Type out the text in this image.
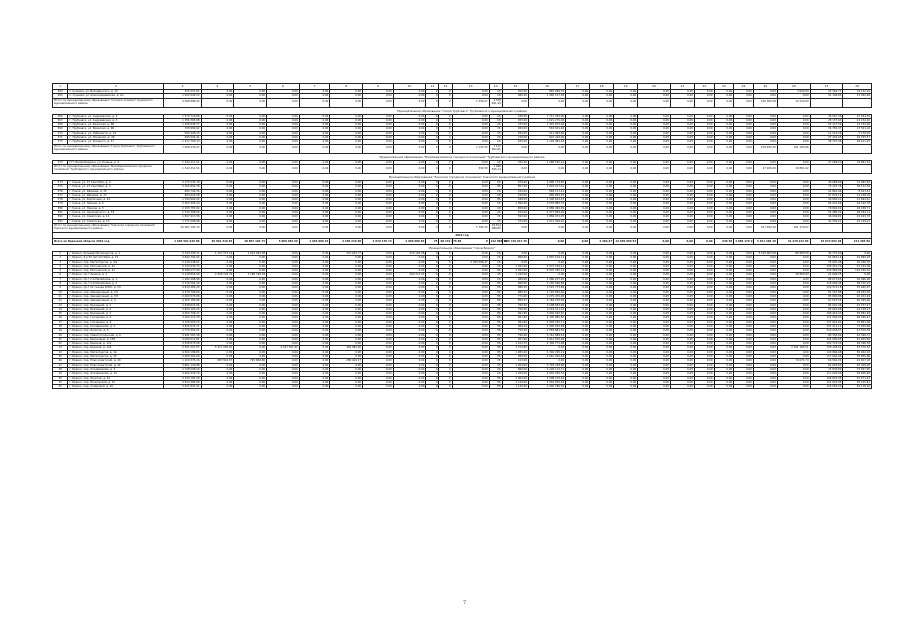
1	2	3	4	5	6	7	8	9	10	11	12	13	14	15	16	17	18	19	20	21	22	23	24	25	26	27	28
364	г. Суземка, ул. Володарского, д. 15	325 257,61	0,00	0,00	0,00	0,00	0,00	0,00	0,00	0	0	0,00	СК	252,00	881 066,76	0,00	0,00	0,00	0,00	0,00	0,00	0,00	0,00	0,00	3 000,00	20 362,71	19 142,01
365	п. Суземка, ул. Красноармейская, д. 2А	1 022 690,53	0,00	0,00	0,00	0,00	0,00	0,00	0,00	0	0	0,00	СК	466,50	1 485 127,36	0,00	0,00	0,00	0,00	0,00	0,00	0,00	0,00	0,00	0,00	41 106,85	23 904,28
Итого по муниципальному образованию "поселок Суземка" Суземского муниципального района		4 468 888,22	0,00	0,00	0,00	0,00	0,00	0,00	0,00	0	0	1 358,27	4 318 461,49	0,00	0,00	0,00	0,00	0,00	0,00	0,00	0,00	0,00	0,00	146 380,28	19 132,00		
Муниципальное образование "Город Трубчевск" Трубчевского муниципального района																											
366	г. Трубчевск, ул. Андреевская, д. 3	1 570 710,96	0,00	0,00	0,00	0,00	0,00	0,00	0,00	0	0	0,00	СК	430,00	1 711 345,00	0,00	0,00	0,00	0,00	0,00	0,00	0,00	0,00	0,00	0,00	36 567,36	21 924,50
367	г. Трубчевск, ул. Андреевская, д. 6	1 786 365,08	0,00	0,00	0,00	0,00	0,00	0,00	0,00	0	0	0,00	СК	455,00	1 021 270,00	0,00	0,00	0,00	0,00	0,00	0,00	0,00	0,00	0,00	0,00	28 137,63	21 152,40
368	г. Трубчевск, ул. Брянская, д. 6Б	1 346 645,77	0,00	0,00	0,00	0,00	0,00	0,00	0,00	0	0	0,00	СК	375,00	1 391 675,00	0,00	0,00	0,00	0,00	0,00	0,00	0,00	0,00	0,00	0,00	23 117,50	11 754,00
369	г. Трубчевск, ул. Брянская, д. 96	728 982,62	0,00	0,00	0,00	0,00	0,00	0,00	0,00	0	0	0,00	СК	264,50	563 041,46	0,00	0,00	0,00	0,00	0,00	0,00	0,00	0,00	0,00	0,00	34 782,37	17 591,10
370	г. Трубчевск, ул. Либкнехта, д. 14	595 406,13	0,00	0,00	0,00	0,00	0,00	0,00	0,00	0	0	0,00	СК	254,55	511 993,60	0,00	0,00	0,00	0,00	0,00	0,00	0,00	0,00	0,00	0,00	11 214,26	7 176,50
371	г. Трубчевск, ул. Покорная, д. 36	995 604,41	0,00	0,00	0,00	0,00	0,00	0,00	0,00	0	0	0,00	СК	276,00	622 416,00	0,00	0,00	0,00	0,00	0,00	0,00	0,00	0,00	0,00	0,00	27 402,05	16 035,57
372	г. Трубчевск, ул. Урицкого, д. 27	1 217 700,13	0,00	0,00	0,00	0,00	0,00	0,00	0,00	0	0	0,00	СК	632,00	1 102 481,03	0,00	0,00	0,00	0,00	0,00	0,00	0,00	0,00	0,00	0,00	38 757,46	26 611,15
Итого по муниципальному образованию "Город Трубчевск" Трубчевского муниципального района		7 366 676,47	0,00	0,00	0,00	0,00	0,00	0,00	0,00	0	0	2 747,45	7 111 007,81	0,00	0,00	0,00	0,00	0,00	0,00	0,00	0,00	0,00	0,00	519 932,30	101 184,96		
Муниципальное образование "Белоберезковское городское поселение" Трубчевского муниципального района																											
373	пгт. Белая Березка, ул. Ленина, д. 9	1 342 411,51	0,00	0,00	0,00	0,00	0,00	0,00	0,00	0	0	0,00	СК	332,50	1 288 595,14	0,00	0,00	0,00	0,00	0,00	0,00	0,00	0,00	0,00	0,00	27 266,20	16 861,42
Итого по муниципальному образованию "Белоберезковское городское поселение" Трубчевского муниципального района		1 342 411,51	0,00	0,00	0,00	0,00	0,00	0,00	0,00	0	0	332,50	1 288 595,14	0,00	0,00	0,00	0,00	0,00	0,00	0,00	0,00	0,00	0,00	27 266,20	16 861,42		
Муниципальное образование "Унечское городское поселение" Унечского муниципального района																											
374	г. Унеча, ул. 23 Сентября, д. 2	3 175 231,79	0,00	0,00	0,00	0,00	0,00	0,00	0,00	0	0	0,00	СК	879,00	2 996 713,65	0,00	0,00	0,00	0,00	0,00	0,00	0,00	0,00	0,00	0,00	46 688,86	31 993,62
375	г. Унеча, ул. 23 Сентября, д. 3	3 166 852,78	0,00	0,00	0,00	0,00	0,00	0,00	0,00	0	0	0,00	ПК	857,50	2 918 317,01	0,00	0,00	0,00	0,00	0,00	0,00	0,00	0,00	0,00	0,00	73 107,76	36 572,56
376	г. Унеча, ул. Иванова, д. 25	695 742,34	0,00	0,00	0,00	0,00	0,00	0,00	0,00	0	0	0,00	СК	234,00	683 117,41	0,00	0,00	0,00	0,00	0,00	0,00	0,00	0,00	0,00	0,00	14 861,46	8 543,24
377	г. Унеча, ул. Иванова, д. 27	804 624,28	0,00	0,00	0,00	0,00	0,00	0,00	0,00	0	0	0,00	СК	239,00	666 683,05	0,00	0,00	0,00	0,00	0,00	0,00	0,00	0,00	0,00	0,00	27 679,12	11 108,16
378	г. Унеча, ул. Кирпичная, д. 44	1 794 902,22	0,00	0,00	0,00	0,00	0,00	0,00	0,00	0	0	0,00	ПК	448,55	1 108 612,23	0,00	0,00	0,00	0,00	0,00	0,00	0,00	0,00	0,00	0,00	30 695,21	21 694,61
379	г. Унеча, ул. Ленина, д. 2	2 302 456,10	0,00	0,00	0,00	0,00	0,00	0,00	0,00	0	0	0,00	СК	1 090,00	2 503 880,79	0,00	0,00	0,00	0,00	0,00	0,00	0,00	0,00	0,00	0,00	64 231,90	16 192,76
380	г. Унеча, ул. Ленина, д. 5	2 165 787,02	0,00	0,00	0,00	0,00	0,00	0,00	0,00	0	0	0,00	СК	858,60	2 080 484,65	0,00	0,00	0,00	0,00	0,00	0,00	0,00	0,00	0,00	0,00	70 892,52	26 458,71
381	г. Унеча, ул. Луначарского, д. 52	2 310 368,06	0,00	0,00	0,00	0,00	0,00	0,00	0,00	0	0	0,00	СК	524,00	2 277 699,95	0,00	0,00	0,00	0,00	0,00	0,00	0,00	0,00	0,00	0,00	52 480,22	26 184,11
382	г. Унеча, ул. Советская, д. 12	1 847 417,36	0,00	0,00	0,00	0,00	0,00	0,00	0,00	0	0	0,00	СК	593,00	1 866 072,95	0,00	0,00	0,00	0,00	0,00	0,00	0,00	0,00	0,00	0,00	46 046,82	24 423,33
383	г. Унеча, ул. Советская, д. 13	1 775 268,98	0,00	0,00	0,00	0,00	0,00	0,00	0,00	0	0	0,00	СК	475,00	1 071 306,20	0,00	0,00	0,00	0,00	0,00	0,00	0,00	0,00	0,00	0,00	41 330,21	22 739,21
Итого по муниципальному образованию "Унечское городское поселение" Унечского муниципального района		20 287 105,10	0,00	0,00	0,00	0,00	0,00	0,00	0,00	0	0	5 784,45	19 514 989,85	0,00	0,00	0,00	0,00	0,00	0,00	0,00	0,00	0,00	0,00	517 992,20	261 379,97		
2019 год																											
Итого по Брянской области 2019 год		1 903 591 019 58	36 501 310 65	18 867 194 73	5 060 952 66	1 663 000 31	4 158 219 08	4 079 170 73	2 060 008 83	75	68 132 176 89	X	212 886 11	805 710 017 45	0,00	0,00	4 302,27	12 949 056 54	0,00	0,00	0,00	946 58	4 066 179 14	3 321 366 18	31 278 241 83	15 674 063 38	271 283 80
Муниципальное образование "город Брянск"																											
1	г. Брянск, бульвар Металлургов, д. 1	3 743 228 11	1 237 373 19	1 024 464 08	0,00	0,00	237 204 77	0,00	274 194 08	0	0	0,00	СК	2,00	0,00	0,00	0,00	0,00	0,00	0,00	0,00	0,00	0,00	3 120 067 08	86 888 58	44 770 09	0,00
2	г. Брянск, б-р 50 лет Октября, д. 22	3 842 702,02	0,00	0,00	0,00	0,00	0,00	0,00	0,00	0	0	0,00	СК	898,00	2 897 104,14	0,00	0,00	0,00	0,00	0,00	0,00	0,00	0,00	0,00	0,00	64 963,16	44 869,18
3	г. Брянск, пер. Металлургов, д. 4/2	2 140 248,97	0,00	0,00	0,00	0,00	0,00	0,00	0,00	0	0	2 035 098,47	СК	0,00	0,00	0,00	0,00	0,00	0,00	0,00	0,00	0,00	0,00	0,00	0,00	75 097,48	30 046,70
4	г. Брянск, пер. Московский, д. 4а	5 143 633,75	0,00	0,00	0,00	0,00	0,00	0,00	0,00	0	0	0,00	СК	1 025,00	5 073 166,27	0,00	0,00	0,00	0,00	0,00	0,00	0,00	0,00	0,00	0,00	169 451,79	67 163,38
5	г. Брянск, пер. Московский, д. 41	8 286 577,99	0,00	0,00	0,00	0,00	0,00	0,00	0,00	0	0	0,00	ПК	1 841,00	6 070 765,14	0,00	0,00	0,00	0,00	0,00	0,00	0,00	0,00	0,00	0,00	230 566,69	116 549,32
6	г. Брянск, пр-т Ленина, д. 1	3 148 855,99	2 938 726,70	2 186 748,39	0,00	0,00	0,00	0,00	269 713,97	0	0	0,00	СК	1 320,00	0,00	0,00	0,00	0,00	0,00	0,00	0,00	0,00	0,00	0,00	26 869,93	24 699,25	0,00
7	г. Брянск, пр-т 2-й Михайлова, д. 1	1 182 288,96	0,00	0,00	0,00	0,00	0,00	0,00	0,00	0	0	0,00	СК	489,00	1 280 217,00	0,00	0,00	0,00	0,00	0,00	0,00	0,00	0,00	0,00	0,00	86 673,65	20 486,98
8	г. Брянск, пр-т 2-й Михайлова, д. 3	2 316 564,44	0,00	0,00	0,00	0,00	0,00	0,00	0,00	0	0	0,00	ПК	668,00	2 140 566,88	0,00	0,00	0,00	0,00	0,00	0,00	0,00	0,00	0,00	0,00	118 066,98	58 702,15
9	г. Брянск, пр-т 22 съезда КПСС, д. 59	4 839 484,29	0,00	0,00	0,00	0,00	0,00	0,00	0,00	0	0	0,00	ПК	986,25	3 523 773,60	0,00	0,00	0,00	0,00	0,00	0,00	0,00	0,00	0,00	0,00	110 374,18	55 465,87
10	г. Брянск, пер. Авиационный, д. 3/1	4 379 769,69	0,00	0,00	0,00	0,00	0,00	0,00	0,00	0	0	0,00	ПК	985,31	4 142 840,60	0,00	0,00	0,00	0,00	0,00	0,00	0,00	0,00	0,00	0,00	81 347,88	48 294,30
11	г. Брянск, пер. Авиационный, д. 3/3	2 409 573,08	0,00	0,00	0,00	0,00	0,00	0,00	0,00	0	0	0,00	ПК	771,00	2 279 470,00	0,00	0,00	0,00	0,00	0,00	0,00	0,00	0,00	0,00	0,00	85 890,88	40 201,94
12	г. Брянск, пер. Авиационный, д. 4	4 202 184,96	0,00	0,00	0,00	0,00	0,00	0,00	0,00	0	0	0,00	ПК	856,27	4 164 150,00	0,00	0,00	0,00	0,00	0,00	0,00	0,00	0,00	0,00	0,00	81 047,55	40 399,00
13	г. Брянск, пер. Бежицкий, д. 1	2 648 821,06	0,00	0,00	0,00	0,00	0,00	0,00	0,00	0	0	0,00	ПК	782,50	2 508 583,90	0,00	0,00	0,00	0,00	0,00	0,00	0,00	0,00	0,00	0,00	84 091,36	47 377,27
14	г. Брянск, пер. Бежицкий, д. 2	2 664 163,23	0,00	0,00	0,00	0,00	0,00	0,00	0,00	0	0	0,00	ПК	756,00	2 542 511,32	0,00	0,00	0,00	0,00	0,00	0,00	0,00	0,00	0,00	0,00	93 063,68	44 138,13
15	г. Брянск, пер. Бежицкий, д. 3	4 009 796,27	0,00	0,00	0,00	0,00	0,00	0,00	0,00	0	0	0,00	ПК	991,80	3 992 520,81	0,00	0,00	0,00	0,00	0,00	0,00	0,00	0,00	0,00	0,00	108 410,33	59 882,94
16	г. Брянск, пер. Гончарова, д. 6	4 405 213,39	0,00	0,00	0,00	0,00	0,00	0,00	0,00	0	0	0,00	ПК	991,80	4 190 882,82	0,00	0,00	0,00	0,00	0,00	0,00	0,00	0,00	0,00	0,00	112 000,00	66 060,43
17	г. Брянск, пер. Гончарова, д. 8	4 726 909,23	0,00	0,00	0,00	0,00	0,00	0,00	0,00	0	0	0,00	ПК	991,80	4 594 520,71	0,00	0,00	0,00	0,00	0,00	0,00	0,00	0,00	0,00	0,00	137 919,92	70 961,36
18	г. Брянск, пер. Осоавиахима, д. 4	4 845 674,71	0,00	0,00	0,00	0,00	0,00	0,00	0,00	0	0	0,00	ПК	966,44	4 905 052,98	0,00	0,00	0,00	0,00	0,00	0,00	0,00	0,00	0,00	0,00	107 371,11	72 555,89
19	г. Брянск, пер. Пилотов, д. 5	2 770 354,21	0,00	0,00	0,00	0,00	0,00	0,00	0,00	0	0	0,00	ПК	755,00	2 583 881,50	0,00	0,00	0,00	0,00	0,00	0,00	0,00	0,00	0,00	0,00	119 248,57	41 579,38
20	г. Брянск, пер. Севастопольский, д. 6	3 291 567,26	0,00	0,00	0,00	0,00	0,00	0,00	0,00	0	0	0,00	ПК	790,60	3 161 888,54	0,00	0,00	0,00	0,00	0,00	0,00	0,00	0,00	0,00	0,00	80 356,99	42 346,71
21	г. Брянск, пер. Березовый, д. 158	4 069 012,87	0,00	0,00	0,00	0,00	0,00	0,00	0,00	0	0	0,00	ПК	927,00	3 914 970,06	0,00	0,00	0,00	0,00	0,00	0,00	0,00	0,00	0,00	0,00	104 080,68	61 009,82
22	г. Брянск, пер. Березов, д. 122	3 538 873,58	0,00	0,00	0,00	0,00	0,00	0,00	0,00	0	0	0,00	ПК	1 102,75	4 392 771,98	0,00	0,00	0,00	0,00	0,00	0,00	0,00	0,00	0,00	0,00	120 715,20	69 398,39
23	г. Брянск, пер. Березов, д. 124	5 501 207,07	5 271 005,81	0,00	4 547 301,90	0,00	429 084,00	0,00	0,00	0	0	0,00	ПК	1 153,60	0,00	0,00	0,00	0,00	0,00	0,00	0,00	0,00	0,00	0,00	2 301 182,51	130 148,31	63 376,54
24	г. Брянск, пер. Металлургов, д. 4А	4 502 188,85	0,00	0,00	0,00	0,00	0,00	0,00	0,00	0	0	0,00	ПК	1 065,40	4 340 205,14	0,00	0,00	0,00	0,00	0,00	0,00	0,00	0,00	0,00	0,00	110 866,68	50 042,02
25	г. Брянск, пер. Металлургов, д. 45	4 260 201,00	0,00	0,00	0,00	0,00	0,00	0,00	0,00	0	0	0,00	ПК	999,50	4 061 265,48	0,00	0,00	0,00	0,00	0,00	0,00	0,00	0,00	0,00	0,00	117 004,06	50 850,86
26	г. Брянск, пер. Ново-Советский, д. 40	1 104 376,16	987 816,57	729 866,80	0,00	0,00	258 419,17	0,00	0,00	0	0	0,00	СК	413,00	0,00	0,00	0,00	0,00	0,00	0,00	0,00	0,00	0,00	0,00	74 071,74	62 564,32	42 007,28
27	г. Брянск, пер. Ново-Советский, д. 42	3 861 140,88	0,00	0,00	0,00	0,00	0,00	0,00	0,00	0	0	0,00	СК	1 054,00	3 749 418,68	0,00	0,00	0,00	0,00	0,00	0,00	0,00	0,00	0,00	0,00	81 093,60	55 306,00
28	г. Брянск, пер. Осоавиахима, д. 3	2 748 008,20	0,00	0,00	0,00	0,00	0,00	0,00	0,00	0	0	0,00	СК	866,00	2 109 172,71	0,00	0,00	0,00	0,00	0,00	0,00	0,00	0,00	0,00	0,00	74 830,89	37 267,95
29	г. Брянск, пер. Осоавиахима, д. 15	4 260 232,70	0,00	0,00	0,00	0,00	0,00	0,00	0,00	0	0	0,00	СК	1 029,00	4 045 250,52	0,00	0,00	0,00	0,00	0,00	0,00	0,00	0,00	0,00	0,00	117 004,06	59 906,99
30	г. Брянск, пер. Пилотов, д. 40	4 220 182,29	0,00	0,00	0,00	0,00	0,00	0,00	0,00	0	0	0,00	ПК	1 000,00	4 098 103,20	0,00	0,00	0,00	0,00	0,00	0,00	0,00	0,00	0,00	0,00	106 825,45	61 271,22
31	г. Брянск, пер. Пионерский, д. 15	5 810 384,68	0,00	0,00	0,00	0,00	0,00	0,00	0,00	0	0	0,00	ПК	1 149,00	5 563 500,56	0,00	0,00	0,00	0,00	0,00	0,00	0,00	0,00	0,00	0,00	161 023,95	83 145,81
32	г. Брянск, пер. Ставровой, д. 40	3 521 807,01	0,00	0,00	0,00	0,00	0,00	0,00	0,00	0	0	0,00	ПК	1 140,00	3 340 786,59	0,00	0,00	0,00	0,00	0,00	0,00	0,00	0,00	0,00	0,00	125 505,23	83 118,10
7
